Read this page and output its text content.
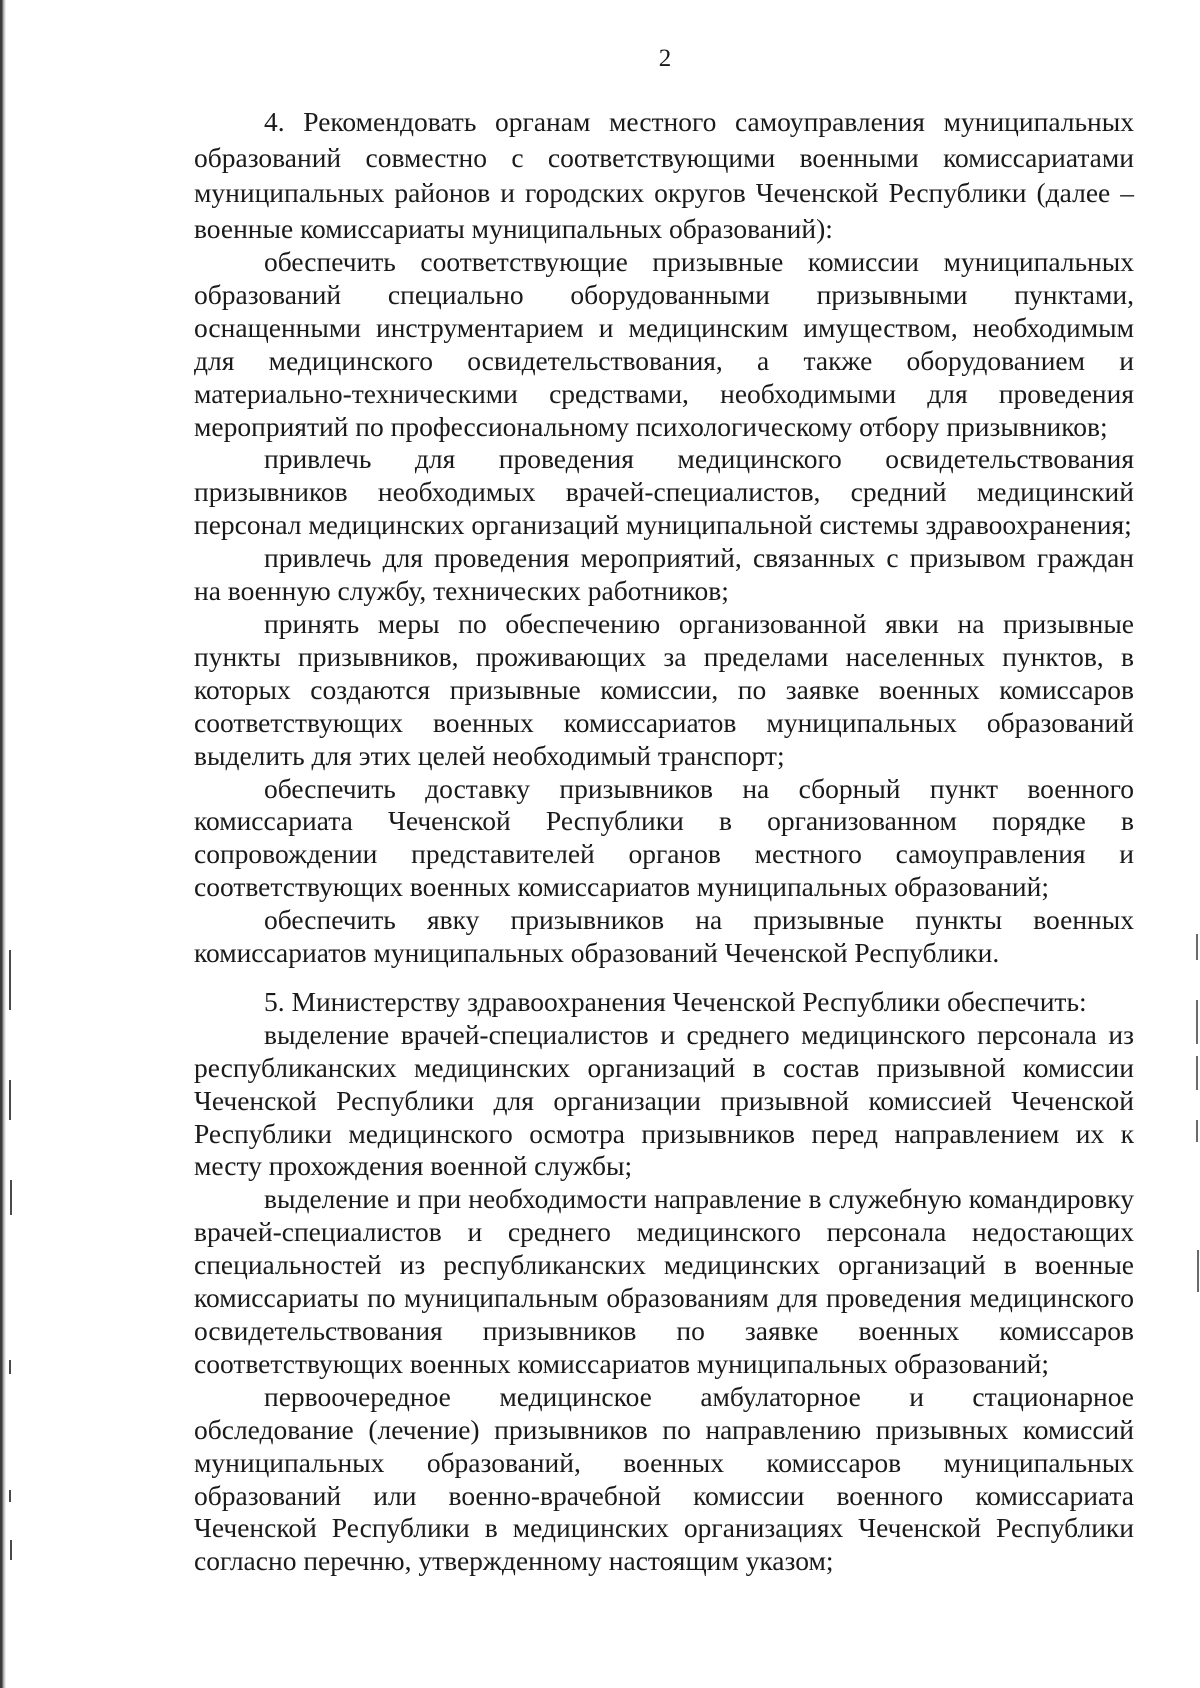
2

4. Рекомендовать органам местного самоуправления муниципальных образований совместно с соответствующими военными комиссариатами муниципальных районов и городских округов Чеченской Республики (далее – военные комиссариаты муниципальных образований):

обеспечить соответствующие призывные комиссии муниципальных образований специально оборудованными призывными пунктами, оснащенными инструментарием и медицинским имуществом, необходимым для медицинского освидетельствования, а также оборудованием и материально-техническими средствами, необходимыми для проведения мероприятий по профессиональному психологическому отбору призывников;

привлечь для проведения медицинского освидетельствования призывников необходимых врачей-специалистов, средний медицинский персонал медицинских организаций муниципальной системы здравоохранения;

привлечь для проведения мероприятий, связанных с призывом граждан на военную службу, технических работников;

принять меры по обеспечению организованной явки на призывные пункты призывников, проживающих за пределами населенных пунктов, в которых создаются призывные комиссии, по заявке военных комиссаров соответствующих военных комиссариатов муниципальных образований выделить для этих целей необходимый транспорт;

обеспечить доставку призывников на сборный пункт военного комиссариата Чеченской Республики в организованном порядке в сопровождении представителей органов местного самоуправления и соответствующих военных комиссариатов муниципальных образований;

обеспечить явку призывников на призывные пункты военных комиссариатов муниципальных образований Чеченской Республики.

5. Министерству здравоохранения Чеченской Республики обеспечить:

выделение врачей-специалистов и среднего медицинского персонала из республиканских медицинских организаций в состав призывной комиссии Чеченской Республики для организации призывной комиссией Чеченской Республики медицинского осмотра призывников перед направлением их к месту прохождения военной службы;

выделение и при необходимости направление в служебную командировку врачей-специалистов и среднего медицинского персонала недостающих специальностей из республиканских медицинских организаций в военные комиссариаты по муниципальным образованиям для проведения медицинского освидетельствования призывников по заявке военных комиссаров соответствующих военных комиссариатов муниципальных образований;

первоочередное медицинское амбулаторное и стационарное обследование (лечение) призывников по направлению призывных комиссий муниципальных образований, военных комиссаров муниципальных образований или военно-врачебной комиссии военного комиссариата Чеченской Республики в медицинских организациях Чеченской Республики согласно перечню, утвержденному настоящим указом;
